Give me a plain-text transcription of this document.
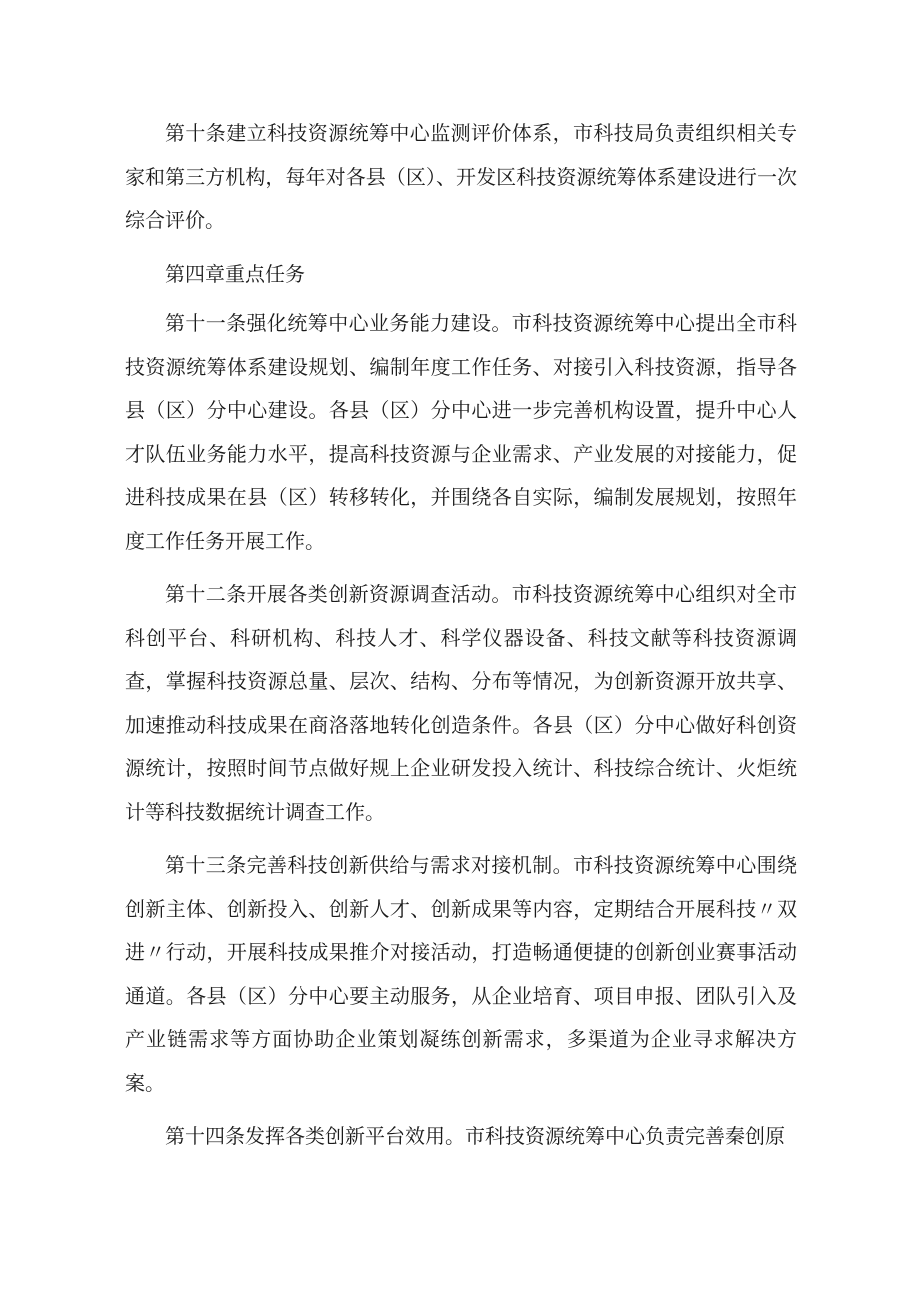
第十条建立科技资源统筹中心监测评价体系，市科技局负责组织相关专家和第三方机构，每年对各县（区）、开发区科技资源统筹体系建设进行一次综合评价。

第四章重点任务

第十一条强化统筹中心业务能力建设。市科技资源统筹中心提出全市科技资源统筹体系建设规划、编制年度工作任务、对接引入科技资源，指导各县（区）分中心建设。各县（区）分中心进一步完善机构设置，提升中心人才队伍业务能力水平，提高科技资源与企业需求、产业发展的对接能力，促进科技成果在县（区）转移转化，并围绕各自实际，编制发展规划，按照年度工作任务开展工作。

第十二条开展各类创新资源调查活动。市科技资源统筹中心组织对全市科创平台、科研机构、科技人才、科学仪器设备、科技文献等科技资源调查，掌握科技资源总量、层次、结构、分布等情况，为创新资源开放共享、加速推动科技成果在商洛落地转化创造条件。各县（区）分中心做好科创资源统计，按照时间节点做好规上企业研发投入统计、科技综合统计、火炬统计等科技数据统计调查工作。

第十三条完善科技创新供给与需求对接机制。市科技资源统筹中心围绕创新主体、创新投入、创新人才、创新成果等内容，定期结合开展科技〃双进〃行动，开展科技成果推介对接活动，打造畅通便捷的创新创业赛事活动通道。各县（区）分中心要主动服务，从企业培育、项目申报、团队引入及产业链需求等方面协助企业策划凝练创新需求，多渠道为企业寻求解决方案。

第十四条发挥各类创新平台效用。市科技资源统筹中心负责完善秦创原
